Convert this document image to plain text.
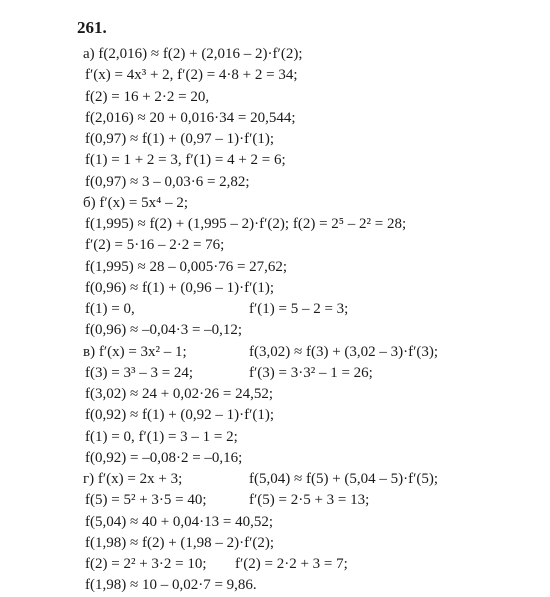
261.
а) f(2,016) ≈ f(2) + (2,016 – 2)·f′(2);
f′(x) = 4x³ + 2, f′(2) = 4·8 + 2 = 34;
f(2) = 16 + 2·2 = 20,
f(2,016) ≈ 20 + 0,016·34 = 20,544;
f(0,97) ≈ f(1) + (0,97 – 1)·f′(1);
f(1) = 1 + 2 = 3, f′(1) = 4 + 2 = 6;
f(0,97) ≈ 3 – 0,03·6 = 2,82;
б) f′(x) = 5x⁴ – 2;
f(1,995) ≈ f(2) + (1,995 – 2)·f′(2); f(2) = 2⁵ – 2² = 28;
f′(2) = 5·16 – 2·2 = 76;
f(1,995) ≈ 28 – 0,005·76 = 27,62;
f(0,96) ≈ f(1) + (0,96 – 1)·f′(1);
f(1) = 0,	f′(1) = 5 – 2 = 3;
f(0,96) ≈ –0,04·3 = –0,12;
в) f′(x) = 3x² – 1;	f(3,02) ≈ f(3) + (3,02 – 3)·f′(3);
f(3) = 3³ – 3 = 24;	f′(3) = 3·3² – 1 = 26;
f(3,02) ≈ 24 + 0,02·26 = 24,52;
f(0,92) ≈ f(1) + (0,92 – 1)·f′(1);
f(1) = 0, f′(1) = 3 – 1 = 2;
f(0,92) = –0,08·2 = –0,16;
г) f′(x) = 2x + 3;	f(5,04) ≈ f(5) + (5,04 – 5)·f′(5);
f(5) = 5² + 3·5 = 40;	f′(5) = 2·5 + 3 = 13;
f(5,04) ≈ 40 + 0,04·13 = 40,52;
f(1,98) ≈ f(2) + (1,98 – 2)·f′(2);
f(2) = 2² + 3·2 = 10; f′(2) = 2·2 + 3 = 7;
f(1,98) ≈ 10 – 0,02·7 = 9,86.
